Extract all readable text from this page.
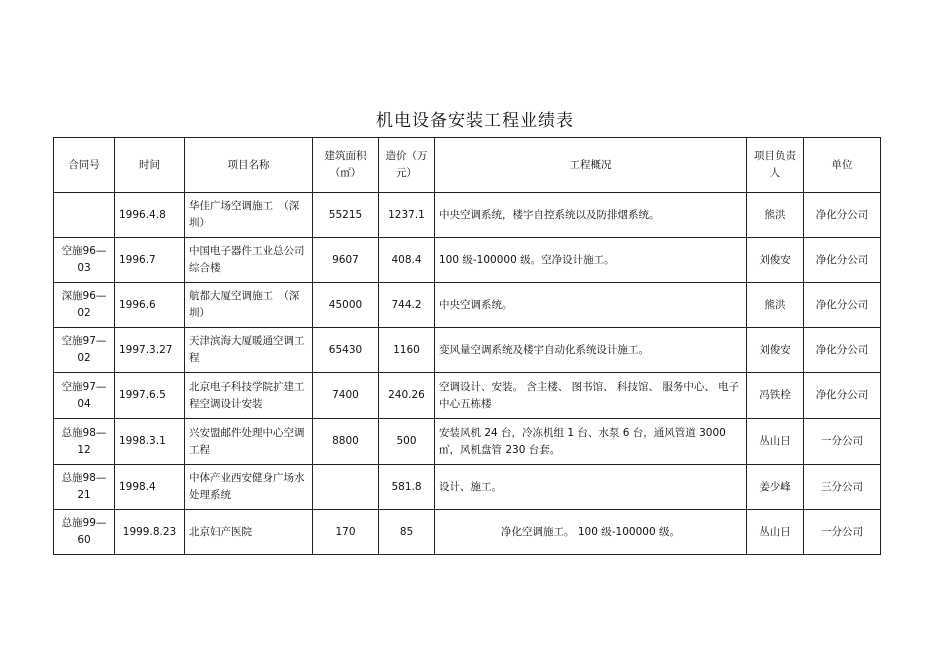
机电设备安装工程业绩表
合同号	时间	项目名称	建筑面积（㎡）	造价（万元）	工程概况	项目负责人	单位
	1996.4.8	华佳广场空调施工　（深圳）	55215	1237.1	中央空调系统，楼宇自控系统以及防排烟系统。	熊洪	净化分公司
空施96— 03	1996.7	中国电子器件工业总公司综合楼	9607	408.4	100 级-100000 级。空净设计施工。	刘俊安	净化分公司
深施96— 02	1996.6	航都大厦空调施工　（深圳）	45000	744.2	中央空调系统。	熊洪	净化分公司
空施97— 02	1997.3.27	天津滨海大厦暖通空调工程	65430	1160	变风量空调系统及楼宇自动化系统设计施工。	刘俊安	净化分公司
空施97— 04	1997.6.5	北京电子科技学院扩建工程空调设计安装	7400	240.26	空调设计、安装。 含主楼、 图书馆、 科技馆、 服务中心、 电子中心五栋楼	冯铁栓	净化分公司
总施98— 12	1998.3.1	兴安盟邮件处理中心空调工程	8800	500	安装风机 24 台，冷冻机组 1 台、水泵 6 台，通风管道 3000 ㎡，风机盘管 230 台套。	丛山日	一分公司
总施98— 21	1998.4	中体产业西安健身广场水处理系统		581.8	设计、施工。	姜少峰	三分公司
总施99— 60	1999.8.23	北京妇产医院	170	85	净化空调施工。 100 级-100000 级。	丛山日	一分公司
